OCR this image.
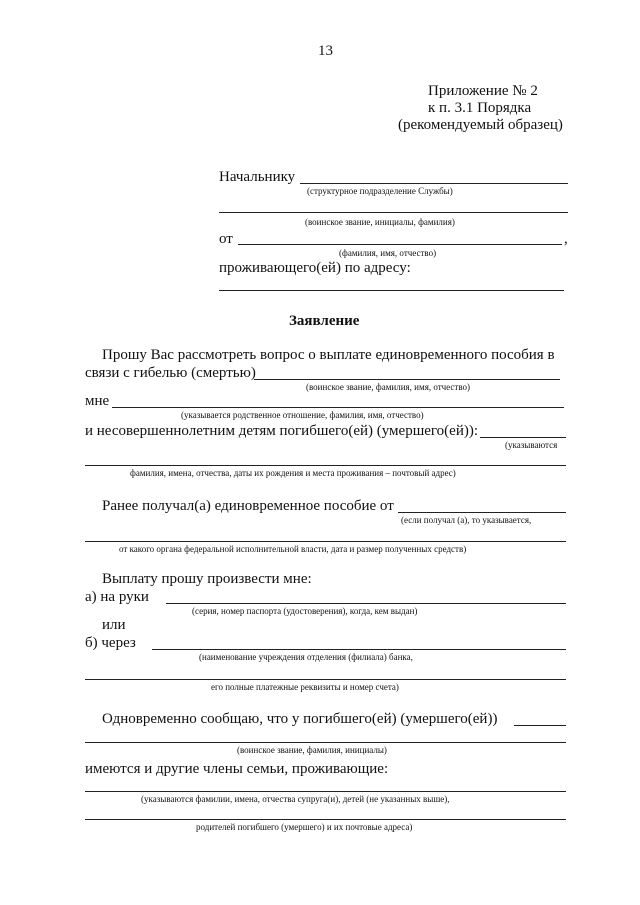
13
Приложение № 2
к п. 3.1 Порядка
(рекомендуемый образец)
Начальнику
(структурное подразделение Службы)
(воинское звание, инициалы, фамилия)
от	,
(фамилия, имя, отчество)
проживающего(ей) по адресу:
Заявление
Прошу Вас рассмотреть вопрос о выплате единовременного пособия в
связи с гибелью (смертью)
(воинское звание, фамилия, имя, отчество)
мне
(указывается родственное отношение, фамилия, имя, отчество)
и несовершеннолетним детям погибшего(ей) (умершего(ей)):
(указываются
фамилия, имена, отчества, даты их рождения и места проживания – почтовый адрес)
Ранее получал(а) единовременное пособие от
(если получал (а), то указывается,
от какого органа федеральной исполнительной власти, дата и размер полученных средств)
Выплату прошу произвести мне:
а) на руки
(серия, номер паспорта (удостоверения), когда, кем выдан)
или
б) через
(наименование учреждения отделения (филиала) банка,
его полные платежные реквизиты и номер счета)
Одновременно сообщаю, что у погибшего(ей) (умершего(ей))
(воинское звание, фамилия, инициалы)
имеются и другие члены семьи, проживающие:
(указываются фамилии, имена, отчества супруга(и), детей (не указанных выше),
родителей погибшего (умершего) и их почтовые адреса)
